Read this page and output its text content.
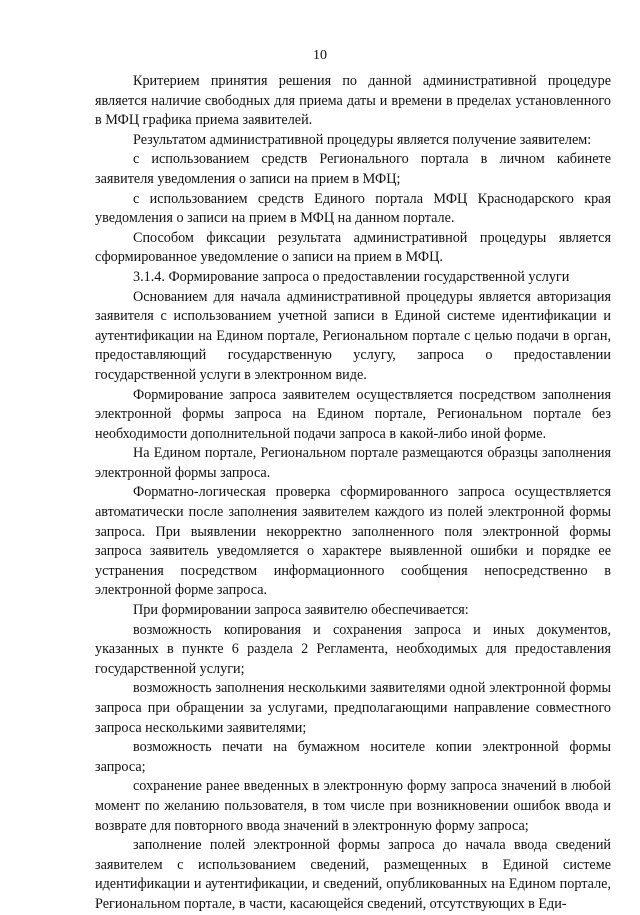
10

Критерием принятия решения по данной административной процедуре является наличие свободных для приема даты и времени в пределах установленного в МФЦ графика приема заявителей.

Результатом административной процедуры является получение заявителем:

с использованием средств Регионального портала в личном кабинете заявителя уведомления о записи на прием в МФЦ;

с использованием средств Единого портала МФЦ Краснодарского края уведомления о записи на прием в МФЦ на данном портале.

Способом фиксации результата административной процедуры является сформированное уведомление о записи на прием в МФЦ.

3.1.4. Формирование запроса о предоставлении государственной услуги

Основанием для начала административной процедуры является авторизация заявителя с использованием учетной записи в Единой системе идентификации и аутентификации на Едином портале, Региональном портале с целью подачи в орган, предоставляющий государственную услугу, запроса о предоставлении государственной услуги в электронном виде.

Формирование запроса заявителем осуществляется посредством заполнения электронной формы запроса на Едином портале, Региональном портале без необходимости дополнительной подачи запроса в какой-либо иной форме.

На Едином портале, Региональном портале размещаются образцы заполнения электронной формы запроса.

Форматно-логическая проверка сформированного запроса осуществляется автоматически после заполнения заявителем каждого из полей электронной формы запроса. При выявлении некорректно заполненного поля электронной формы запроса заявитель уведомляется о характере выявленной ошибки и порядке ее устранения посредством информационного сообщения непосредственно в электронной форме запроса.

При формировании запроса заявителю обеспечивается:

возможность копирования и сохранения запроса и иных документов, указанных в пункте 6 раздела 2 Регламента, необходимых для предоставления государственной услуги;

возможность заполнения несколькими заявителями одной электронной формы запроса при обращении за услугами, предполагающими направление совместного запроса несколькими заявителями;

возможность печати на бумажном носителе копии электронной формы запроса;

сохранение ранее введенных в электронную форму запроса значений в любой момент по желанию пользователя, в том числе при возникновении ошибок ввода и возврате для повторного ввода значений в электронную форму запроса;

заполнение полей электронной формы запроса до начала ввода сведений заявителем с использованием сведений, размещенных в Единой системе идентификации и аутентификации, и сведений, опубликованных на Едином портале, Региональном портале, в части, касающейся сведений, отсутствующих в Еди-
